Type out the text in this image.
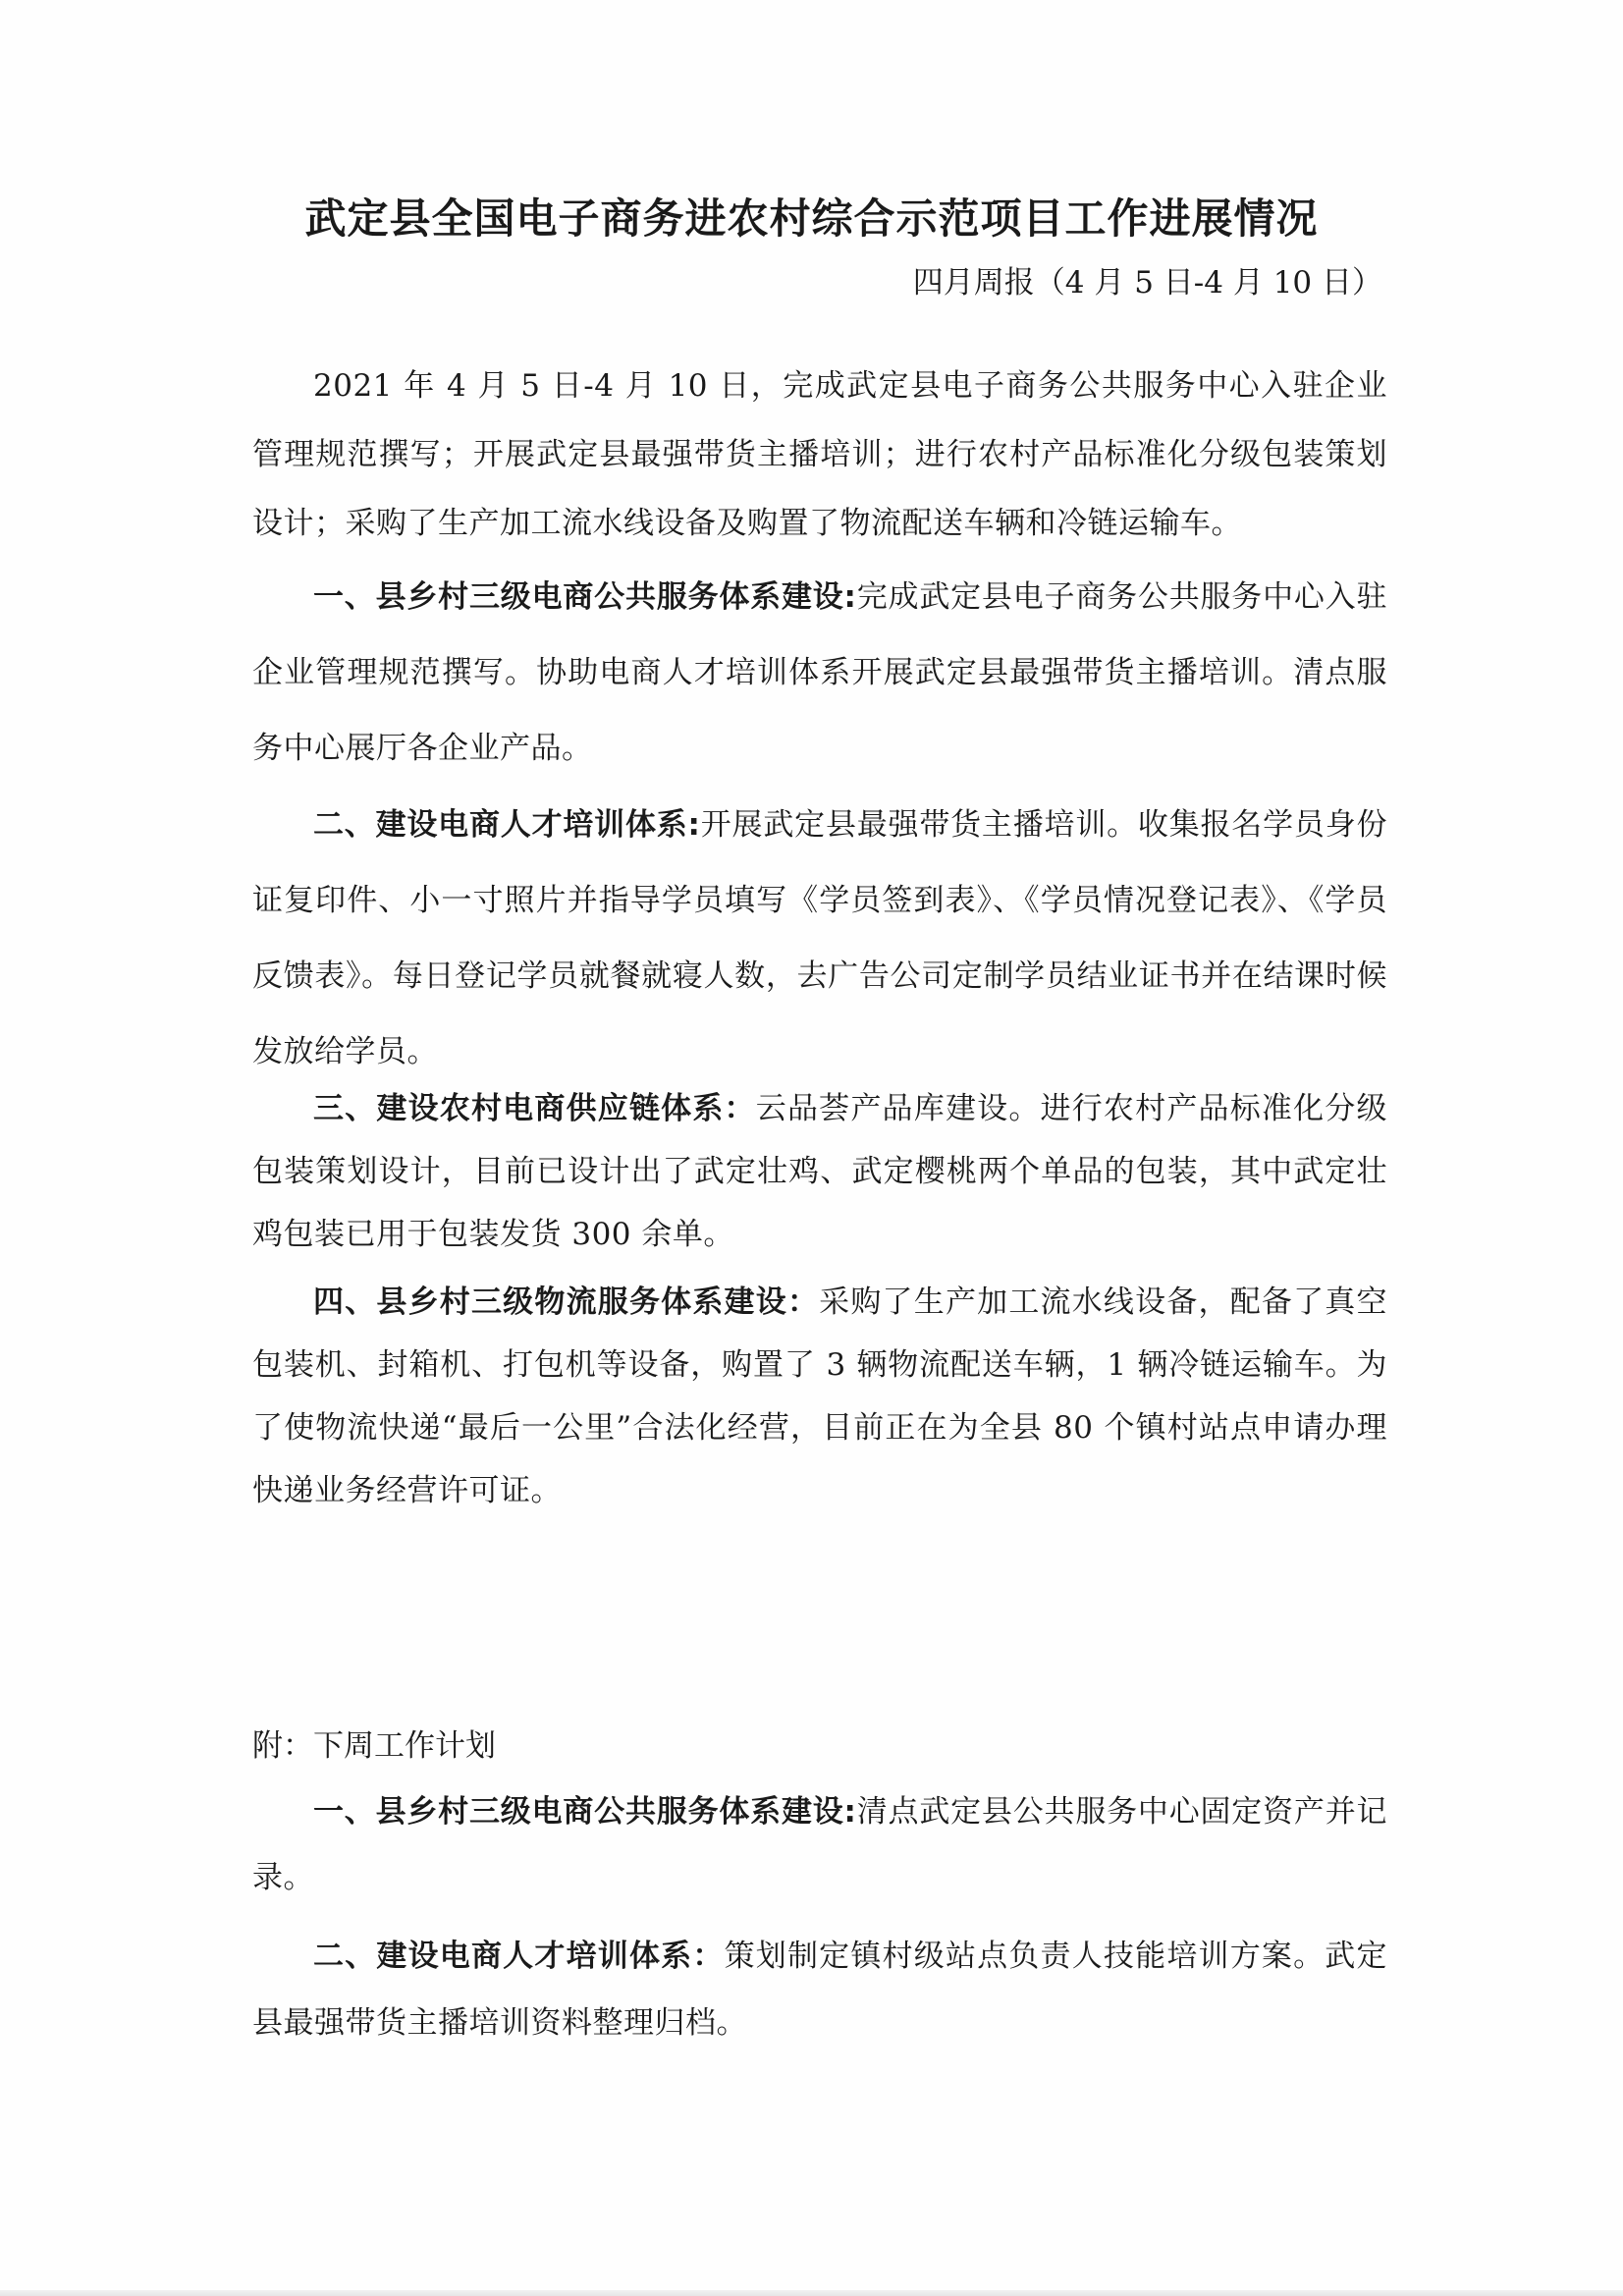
武定县全国电子商务进农村综合示范项目工作进展情况
四月周报（4 月 5 日-4 月 10 日）

2021 年 4 月 5 日-4 月 10 日，完成武定县电子商务公共服务中心入驻企业管理规范撰写；开展武定县最强带货主播培训；进行农村产品标准化分级包装策划设计；采购了生产加工流水线设备及购置了物流配送车辆和冷链运输车。

一、县乡村三级电商公共服务体系建设:完成武定县电子商务公共服务中心入驻企业管理规范撰写。协助电商人才培训体系开展武定县最强带货主播培训。清点服务中心展厅各企业产品。

二、建设电商人才培训体系:开展武定县最强带货主播培训。收集报名学员身份证复印件、小一寸照片并指导学员填写《学员签到表》、《学员情况登记表》、《学员反馈表》。每日登记学员就餐就寝人数，去广告公司定制学员结业证书并在结课时候发放给学员。

三、建设农村电商供应链体系：云品荟产品库建设。进行农村产品标准化分级包装策划设计，目前已设计出了武定壮鸡、武定樱桃两个单品的包装，其中武定壮鸡包装已用于包装发货 300 余单。

四、县乡村三级物流服务体系建设：采购了生产加工流水线设备，配备了真空包装机、封箱机、打包机等设备，购置了 3 辆物流配送车辆，1 辆冷链运输车。为了使物流快递“最后一公里”合法化经营，目前正在为全县 80 个镇村站点申请办理快递业务经营许可证。

附：下周工作计划

一、县乡村三级电商公共服务体系建设:清点武定县公共服务中心固定资产并记录。

二、建设电商人才培训体系：策划制定镇村级站点负责人技能培训方案。武定县最强带货主播培训资料整理归档。
